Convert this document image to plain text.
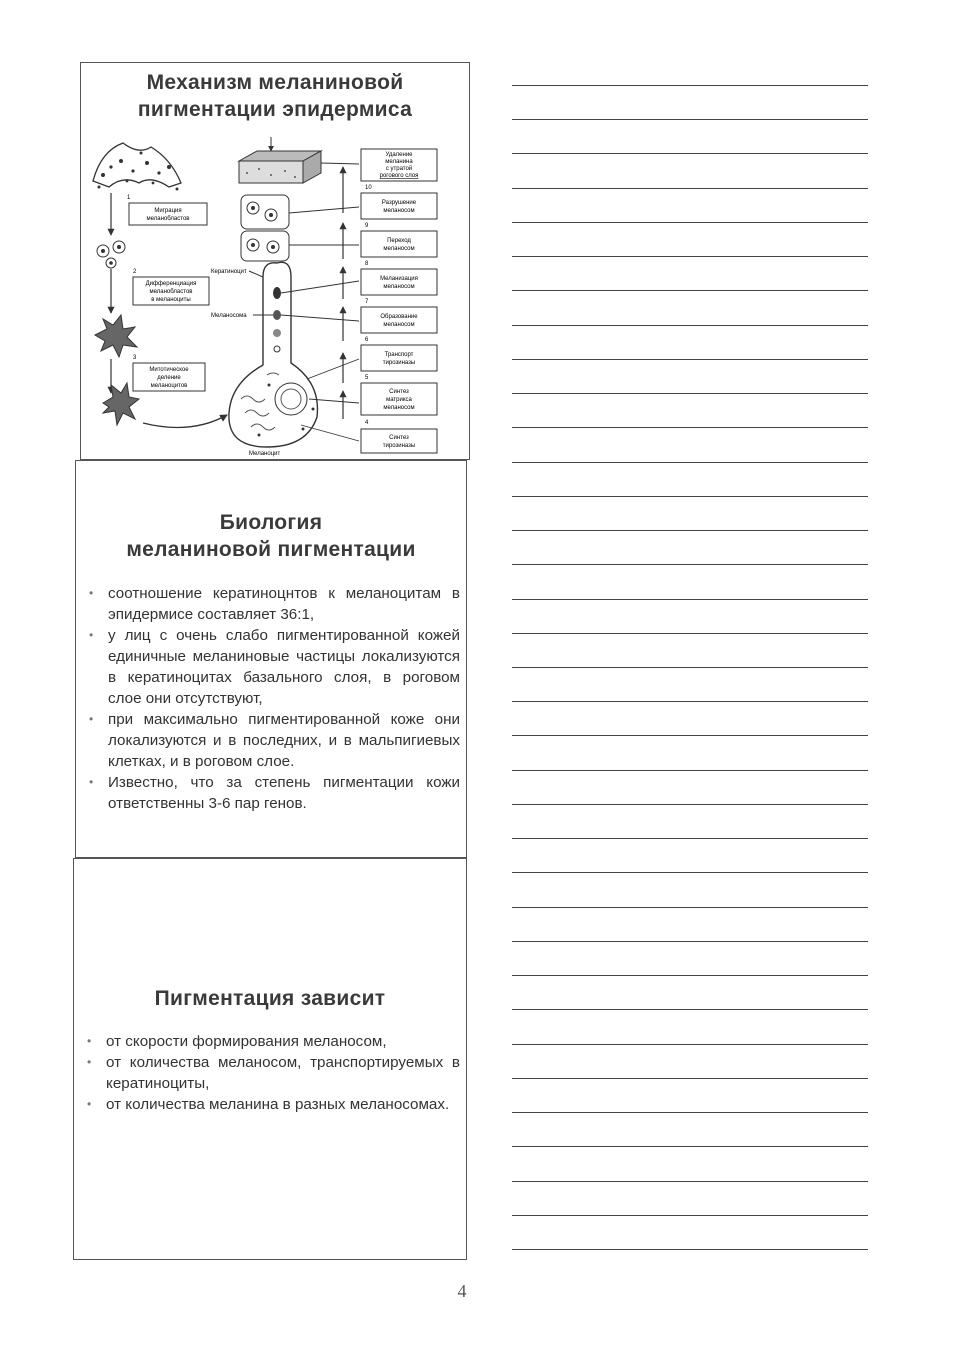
Механизм меланиновой
пигментации эпидермиса
Миграция
меланобластов
1
Дифференциация
меланобластов
в меланоциты
2
Митотическое
деление
меланоцитов
3
Кератиноцит
Меланосома
Меланоцит
Удаление
меланина
с утратой
рогового слоя
10
Разрушение
меланосом
9
Переход
меланосом
8
Меланизация
меланосом
7
Образование
меланосом
6
Транспорт
тирозиназы
5
Синтез
матрикса
меланосом
4
Синтез
тирозиназы
Биология
меланиновой пигментации
• соотношение кератиноцнтов к меланоцитам в эпидермисе составляет 36:1,
• у лиц с очень слабо пигментированной кожей единичные меланиновые частицы локализуются в кератиноцитах базального слоя, в роговом слое они отсутствуют,
• при максимально пигментированной коже они локализуются и в последних, и в мальпигиевых клетках, и в роговом слое.
• Известно, что за степень пигментации кожи ответственны 3-6 пар генов.
Пигментация зависит
• от скорости формирования меланосом,
• от количества меланосом, транспортируемых в кератиноциты,
• от количества меланина в разных меланосомах.
4
